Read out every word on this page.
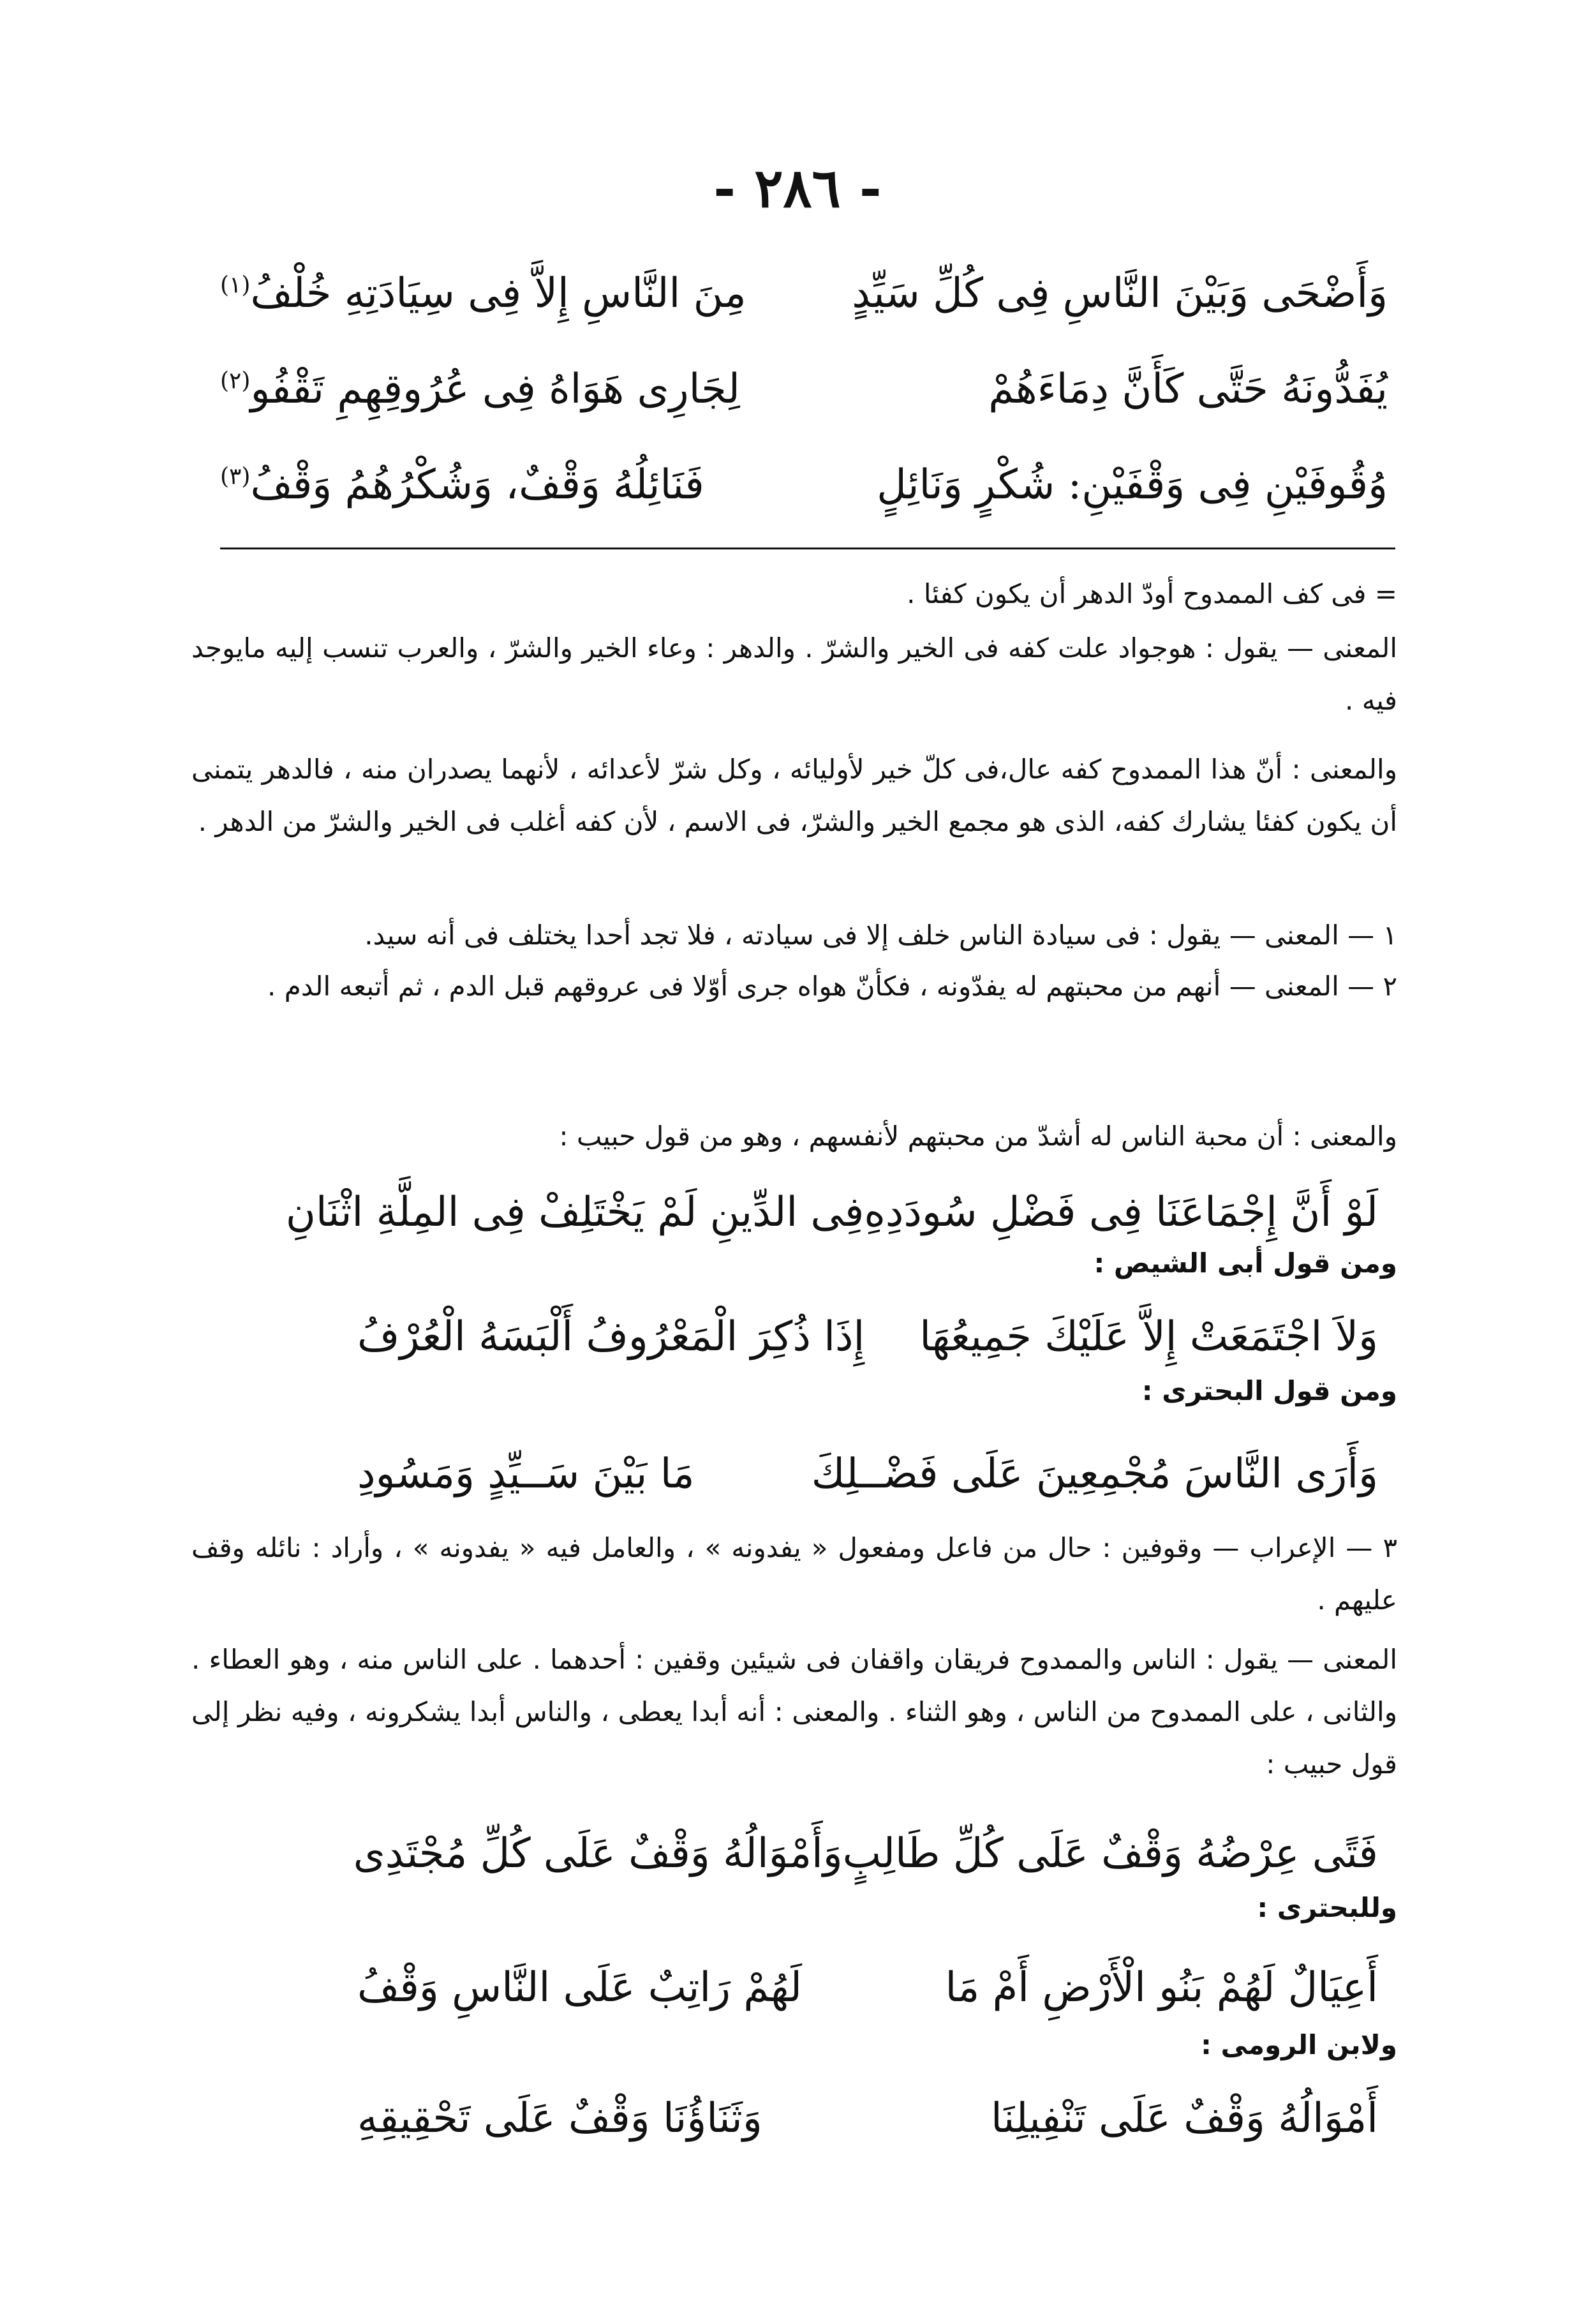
- ٢٨٦ -
وَأَضْحَى وَبَيْنَ النَّاسِ فِى كُلِّ سَيِّدٍ
مِنَ النَّاسِ إِلاَّ فِى سِيَادَتِهِ خُلْفُ$^{(١)}$
يُفَدُّونَهُ حَتَّى كَأَنَّ دِمَاءَهُمْ
لِجَارِى هَوَاهُ فِى عُرُوقِهِمِ تَقْفُو$^{(٢)}$
وُقُوفَيْنِ فِى وَقْفَيْنِ: شُكْرٍ وَنَائِلٍ
فَنَائِلُهُ وَقْفٌ، وَشُكْرُهُمُ وَقْفُ$^{(٣)}$
= فى كف الممدوح أودّ الدهر أن يكون كفئا .
المعنى — يقول : هوجواد علت كفه فى الخير والشرّ . والدهر : وعاء الخير والشرّ ، والعرب تنسب إليه مايوجد فيه .
والمعنى : أنّ هذا الممدوح كفه عال،فى كلّ خير لأوليائه ، وكل شرّ لأعدائه ، لأنهما يصدران منه ، فالدهر يتمنى أن يكون كفئا يشارك كفه، الذى هو مجمع الخير والشرّ، فى الاسم ، لأن كفه أغلب فى الخير والشرّ من الدهر .
١ — المعنى — يقول : فى سيادة الناس خلف إلا فى سيادته ، فلا تجد أحدا يختلف فى أنه سيد.
٢ — المعنى — أنهم من محبتهم له يفدّونه ، فكأنّ هواه جرى أوّلا فى عروقهم قبل الدم ، ثم أتبعه الدم .
والمعنى : أن محبة الناس له أشدّ من محبتهم لأنفسهم ، وهو من قول حبيب :
لَوْ أَنَّ إِجْمَاعَنَا فِى فَضْلِ سُودَدِهِ
فِى الدِّينِ لَمْ يَخْتَلِفْ فِى المِلَّةِ اثْنَانِ
ومن قول أبى الشيص :
وَلاَ اجْتَمَعَتْ إِلاَّ عَلَيْكَ جَمِيعُهَا
إِذَا ذُكِرَ الْمَعْرُوفُ أَلْبَسَهُ الْعُرْفُ
ومن قول البحترى :
وَأَرَى النَّاسَ مُجْمِعِينَ عَلَى فَضْــلِكَ
مَا بَيْنَ سَــيِّدٍ وَمَسُودِ
٣ — الإعراب — وقوفين : حال من فاعل ومفعول « يفدونه » ، والعامل فيه « يفدونه » ، وأراد : نائله وقف عليهم .
المعنى — يقول : الناس والممدوح فريقان واقفان فى شيئين وقفين : أحدهما . على الناس منه ، وهو العطاء . والثانى ، على الممدوح من الناس ، وهو الثناء . والمعنى : أنه أبدا يعطى ، والناس أبدا يشكرونه ، وفيه نظر إلى قول حبيب :
فَتًى عِرْضُهُ وَقْفٌ عَلَى كُلِّ طَالِبٍ
وَأَمْوَالُهُ وَقْفٌ عَلَى كُلِّ مُجْتَدِى
وللبحترى :
أَعِيَالٌ لَهُمْ بَنُو الْأَرْضِ أَمْ مَا
لَهُمْ رَاتِبٌ عَلَى النَّاسِ وَقْفُ
ولابن الرومى :
أَمْوَالُهُ وَقْفٌ عَلَى تَنْفِيلِنَا
وَثَنَاؤُنَا وَقْفٌ عَلَى تَحْقِيقِهِ
